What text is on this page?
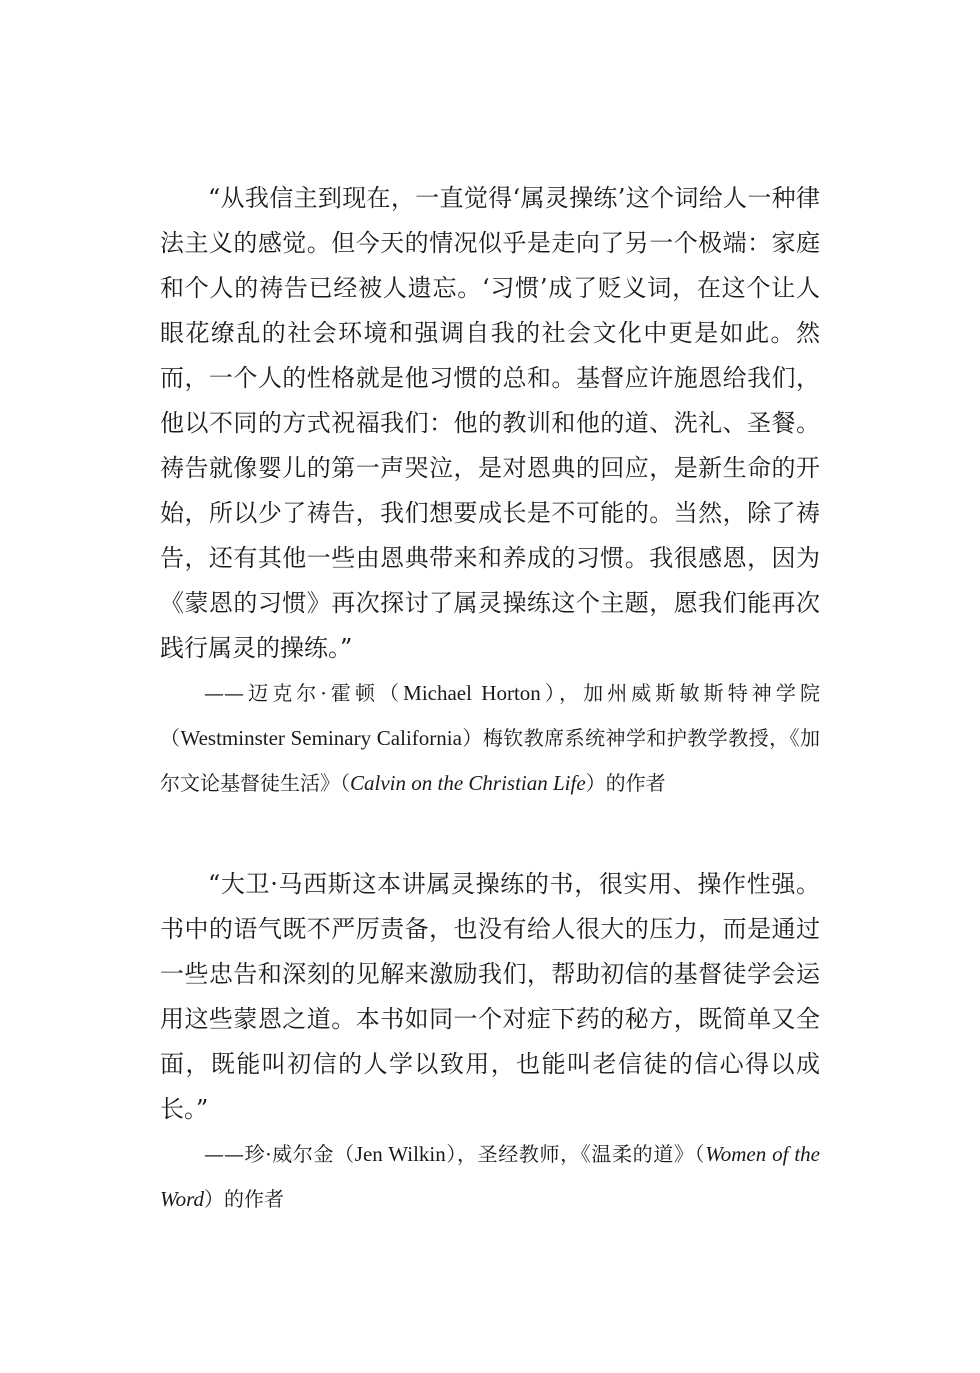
“从我信主到现在，一直觉得‘属灵操练’这个词给人一种律法主义的感觉。但今天的情况似乎是走向了另一个极端：家庭和个人的祷告已经被人遗忘。‘习惯’成了贬义词，在这个让人眼花缭乱的社会环境和强调自我的社会文化中更是如此。然而，一个人的性格就是他习惯的总和。基督应许施恩给我们，他以不同的方式祝福我们：他的教训和他的道、洗礼、圣餐。祷告就像婴儿的第一声哭泣，是对恩典的回应，是新生命的开始，所以少了祷告，我们想要成长是不可能的。当然，除了祷告，还有其他一些由恩典带来和养成的习惯。我很感恩，因为《蒙恩的习惯》再次探讨了属灵操练这个主题，愿我们能再次践行属灵的操练。”

——迈克尔·霍顿（Michael Horton），加州威斯敏斯特神学院（Westminster Seminary California）梅钦教席系统神学和护教学教授，《加尔文论基督徒生活》（Calvin on the Christian Life）的作者

“大卫·马西斯这本讲属灵操练的书，很实用、操作性强。书中的语气既不严厉责备，也没有给人很大的压力，而是通过一些忠告和深刻的见解来激励我们，帮助初信的基督徒学会运用这些蒙恩之道。本书如同一个对症下药的秘方，既简单又全面，既能叫初信的人学以致用，也能叫老信徒的信心得以成长。”

——珍·威尔金（Jen Wilkin），圣经教师，《温柔的道》（Women of the Word）的作者
